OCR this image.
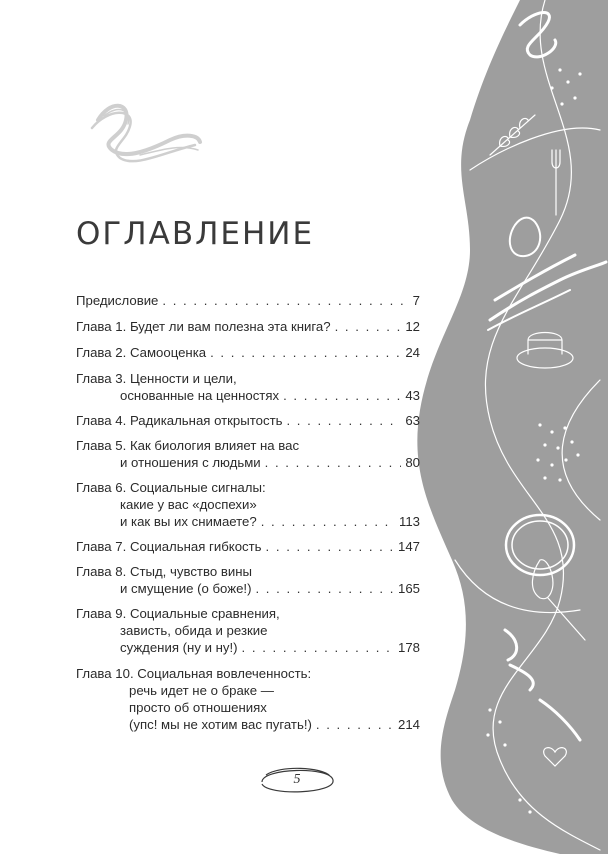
ОГЛАВЛЕНИЕ
Предисловие . . .	7
Глава 1. Будет ли вам полезна эта книга? . . .	12
Глава 2. Самооценка . . .	24
Глава 3. Ценности и цели,
основанные на ценностях . . .	43
Глава 4. Радикальная открытость . . .	63
Глава 5. Как биология влияет на вас
и отношения с людьми . . .	80
Глава 6. Социальные сигналы:
какие у вас «доспехи»
и как вы их снимаете? . . .	113
Глава 7. Социальная гибкость . . .	147
Глава 8. Стыд, чувство вины
и смущение (о боже!) . . .	165
Глава 9. Социальные сравнения,
зависть, обида и резкие
суждения (ну и ну!) . . .	178
Глава 10. Социальная вовлеченность:
речь идет не о браке —
просто об отношениях
(упс! мы не хотим вас пугать!) . . .	214
5
